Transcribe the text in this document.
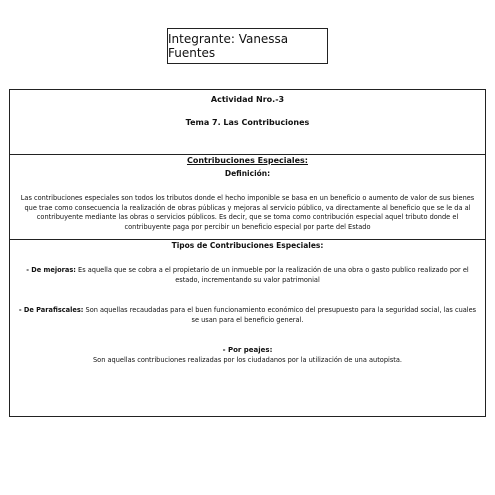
Integrante: Vanessa Fuentes
Actividad Nro.-3
Tema 7. Las Contribuciones
Contribuciones Especiales:
Definición:
Las contribuciones especiales son todos los tributos donde el hecho imponible se basa en un beneficio o aumento de valor de sus bienes que trae como consecuencia la realización de obras públicas y mejoras al servicio público, va directamente al beneficio que se le da al contribuyente mediante las obras o servicios públicos. Es decir, que se toma como contribución especial aquel tributo donde el contribuyente paga por percibir un beneficio especial por parte del Estado
Tipos de Contribuciones Especiales:
- De mejoras: Es aquella que se cobra a el propietario de un inmueble por la realización de una obra o gasto publico realizado por el estado, incrementando su valor patrimonial
- De Parafiscales: Son aquellas recaudadas para el buen funcionamiento económico del presupuesto para la seguridad social, las cuales se usan para el beneficio general.
- Por peajes:
Son aquellas contribuciones realizadas por los ciudadanos por la utilización de una autopista.
